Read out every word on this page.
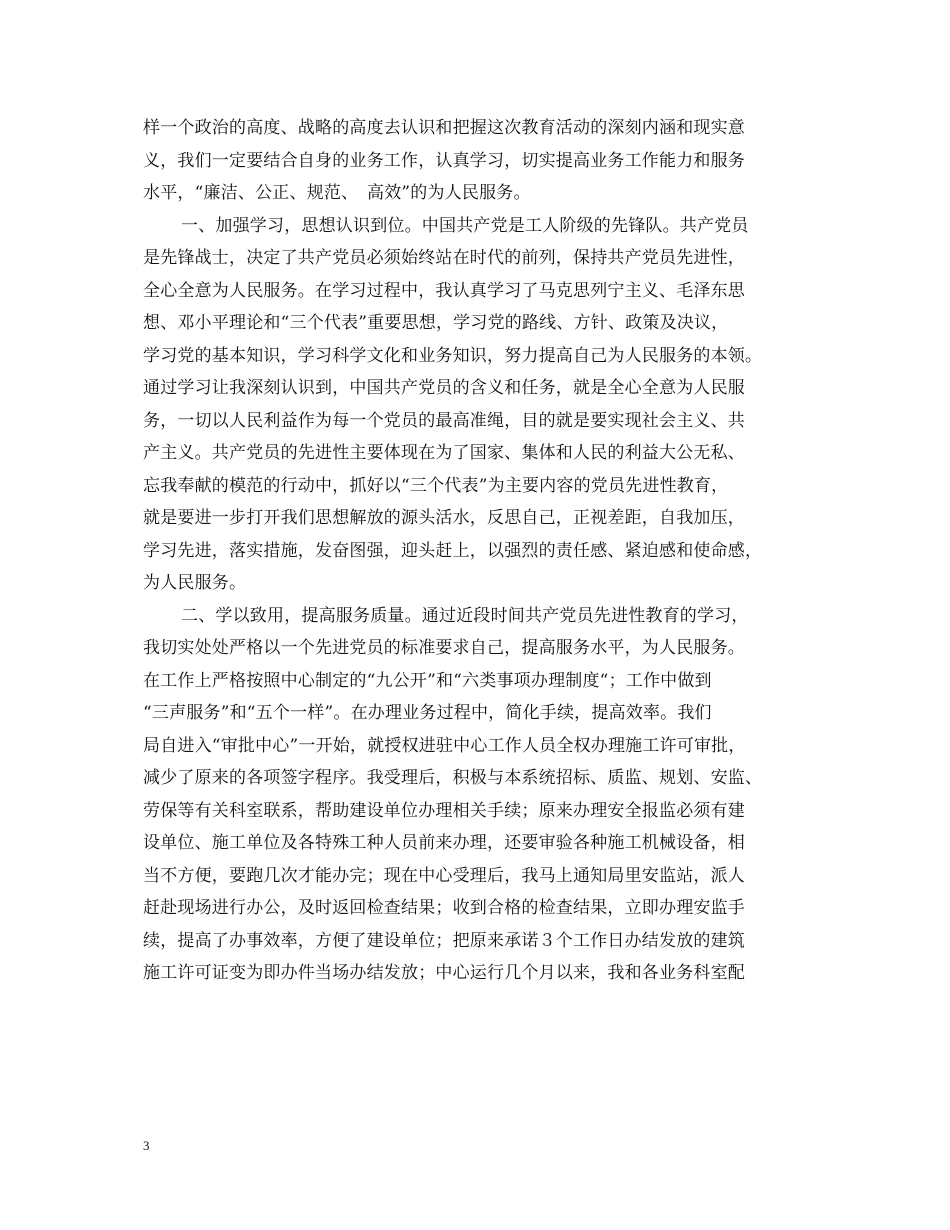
样一个政治的高度、战略的高度去认识和把握这次教育活动的深刻内涵和现实意
义，我们一定要结合自身的业务工作，认真学习，切实提高业务工作能力和服务
水平，“廉洁、公正、规范、　高效”的为人民服务。
一、加强学习，思想认识到位。中国共产党是工人阶级的先锋队。共产党员
是先锋战士，决定了共产党员必须始终站在时代的前列，保持共产党员先进性，
全心全意为人民服务。在学习过程中，我认真学习了马克思列宁主义、毛泽东思
想、邓小平理论和“三个代表”重要思想，学习党的路线、方针、政策及决议，
学习党的基本知识，学习科学文化和业务知识，努力提高自己为人民服务的本领。
通过学习让我深刻认识到，中国共产党员的含义和任务，就是全心全意为人民服
务，一切以人民利益作为每一个党员的最高准绳，目的就是要实现社会主义、共
产主义。共产党员的先进性主要体现在为了国家、集体和人民的利益大公无私、
忘我奉献的模范的行动中，抓好以“三个代表”为主要内容的党员先进性教育，
就是要进一步打开我们思想解放的源头活水，反思自己，正视差距，自我加压，
学习先进，落实措施，发奋图强，迎头赶上，以强烈的责任感、紧迫感和使命感，
为人民服务。
二、学以致用，提高服务质量。通过近段时间共产党员先进性教育的学习，
我切实处处严格以一个先进党员的标准要求自己，提高服务水平，为人民服务。
在工作上严格按照中心制定的“九公开”和“六类事项办理制度“；工作中做到
“三声服务”和“五个一样”。在办理业务过程中，简化手续，提高效率。我们
局自进入“审批中心”一开始，就授权进驻中心工作人员全权办理施工许可审批，
减少了原来的各项签字程序。我受理后，积极与本系统招标、质监、规划、安监、
劳保等有关科室联系，帮助建设单位办理相关手续；原来办理安全报监必须有建
设单位、施工单位及各特殊工种人员前来办理，还要审验各种施工机械设备，相
当不方便，要跑几次才能办完；现在中心受理后，我马上通知局里安监站，派人
赶赴现场进行办公，及时返回检查结果；收到合格的检查结果，立即办理安监手
续，提高了办事效率，方便了建设单位；把原来承诺３个工作日办结发放的建筑
施工许可证变为即办件当场办结发放；中心运行几个月以来，我和各业务科室配
3
